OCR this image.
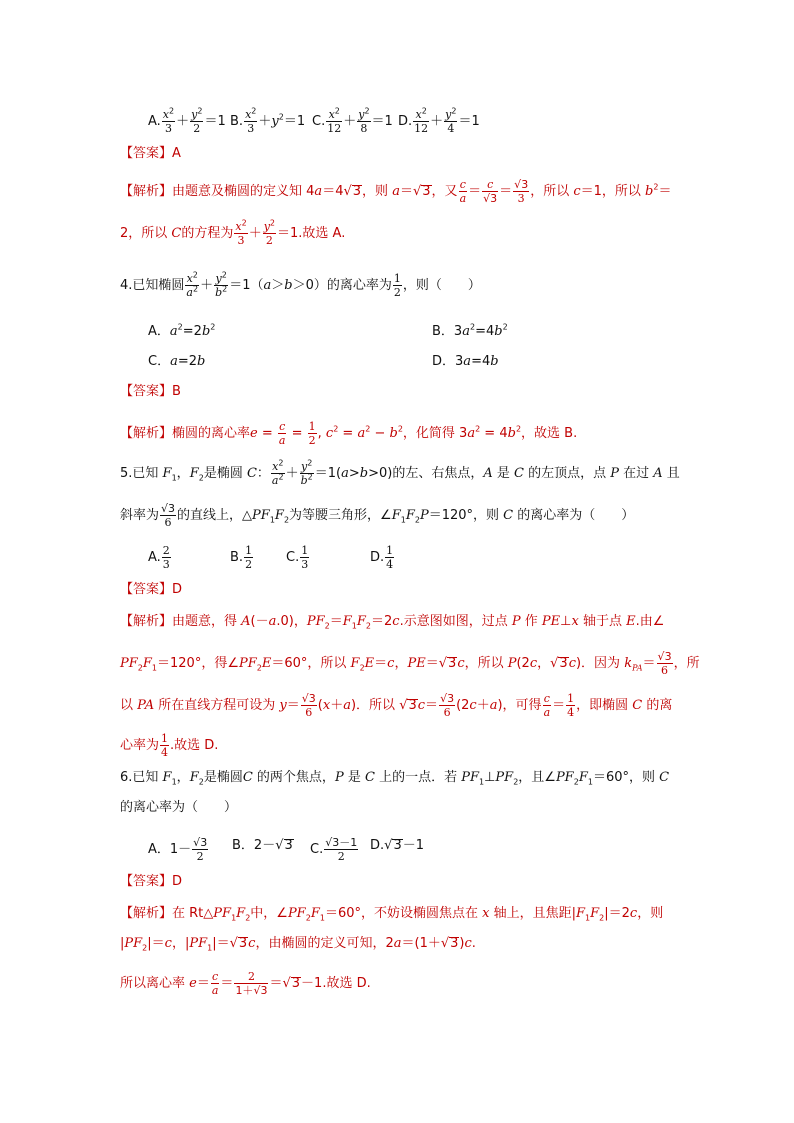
A. $\frac{x^2}{3} + \frac{y^2}{2} =1$ B. $\frac{x^2}{3} +y^2=1$ C. $\frac{x^2}{12} + \frac{y^2}{8} =1$ D. $\frac{x^2}{12} + \frac{y^2}{4} =1$
【答案】A
【解析】由题意及椭圆的定义知 4a＝4√3，则 a＝√3，又 $\frac{c}{a} = \frac{c}{√3} = \frac{√3}{3}$ ，所以 c＝1，所以 $b^2=$
2，所以 C的方程为 $\frac{x^2}{3} + \frac{y^2}{2} =1$.故选 A.
4.已知椭圆 $\frac{x^2}{a^2} + \frac{y^2}{b^2} =1(a>b>0)$的离心率为 $\frac{1}{2}$ ，则（　　）
A．$a^2=2b^2$	B．$3a^2=4b^2$
C．a=2b	D．3a=4b
【答案】B
【解析】椭圆的离心率$e = \frac{c}{a} = \frac{1}{2}$ , $c^2 = a^2 - b^2$，化简得 $3a^2 = 4b^2$，故选 B.
5.已知 $F_1$，$F_2$是椭圆 C： $\frac{x^2}{a^2} + \frac{y^2}{b^2} =1(a>b>0)$的左、右焦点，A 是 C 的左顶点，点 P 在过 A 且
斜率为 $\frac{√3}{6}$ 的直线上，$\triangle PF_1F_2$为等腰三角形，$\angle F_1F_2P=120^\circ$，则 C 的离心率为（　　）
A. $\frac{2}{3}$	B. $\frac{1}{2}$	C. $\frac{1}{3}$	D. $\frac{1}{4}$
【答案】D
【解析】由题意，得 A(－a.0)，$PF_2=F_1F_2=2c$.示意图如图，过点 P 作 PE⊥x 轴于点 E.由∠
$PF_2F_1=120^\circ$，得$\angle PF_2E=60^\circ$，所以 $F_2E=c$，PE＝√3c，所以 P(2c，√3c)．因为 $k_{PA}= \frac{√3}{6}$ ，所
以 PA 所在直线方程可设为 $y= \frac{√3}{6} (x+a)$．所以 $√3c= \frac{√3}{6} (2c+a)$，可得 $\frac{c}{a} = \frac{1}{4}$ ，即椭圆 C 的离
心率为 $\frac{1}{4}$ .故选 D.
6.已知 $F_1$，$F_2$是椭圆C 的两个焦点，P 是 C 上的一点．若 $PF_1\perp PF_2$，且$\angle PF_2F_1=60^\circ$，则 C
的离心率为（　　）
A．$1- \frac{√3}{2}$ B．2－√3 C. $\frac{√3-1}{2} D.√3-1$
【答案】D
【解析】在 $Rt\triangle PF_1F_2$中，$\angle PF_2F_1=60^\circ$，不妨设椭圆焦点在 x 轴上，且焦距$|F_1F_2|=2c$，则
$|PF_2|=c$，$|PF_1|=√3c$，由椭圆的定义可知，2a＝(1＋√3)c.
所以离心率 $e= \frac{c}{a} = \frac{2}{1+√3} =√3-1$.故选 D.
